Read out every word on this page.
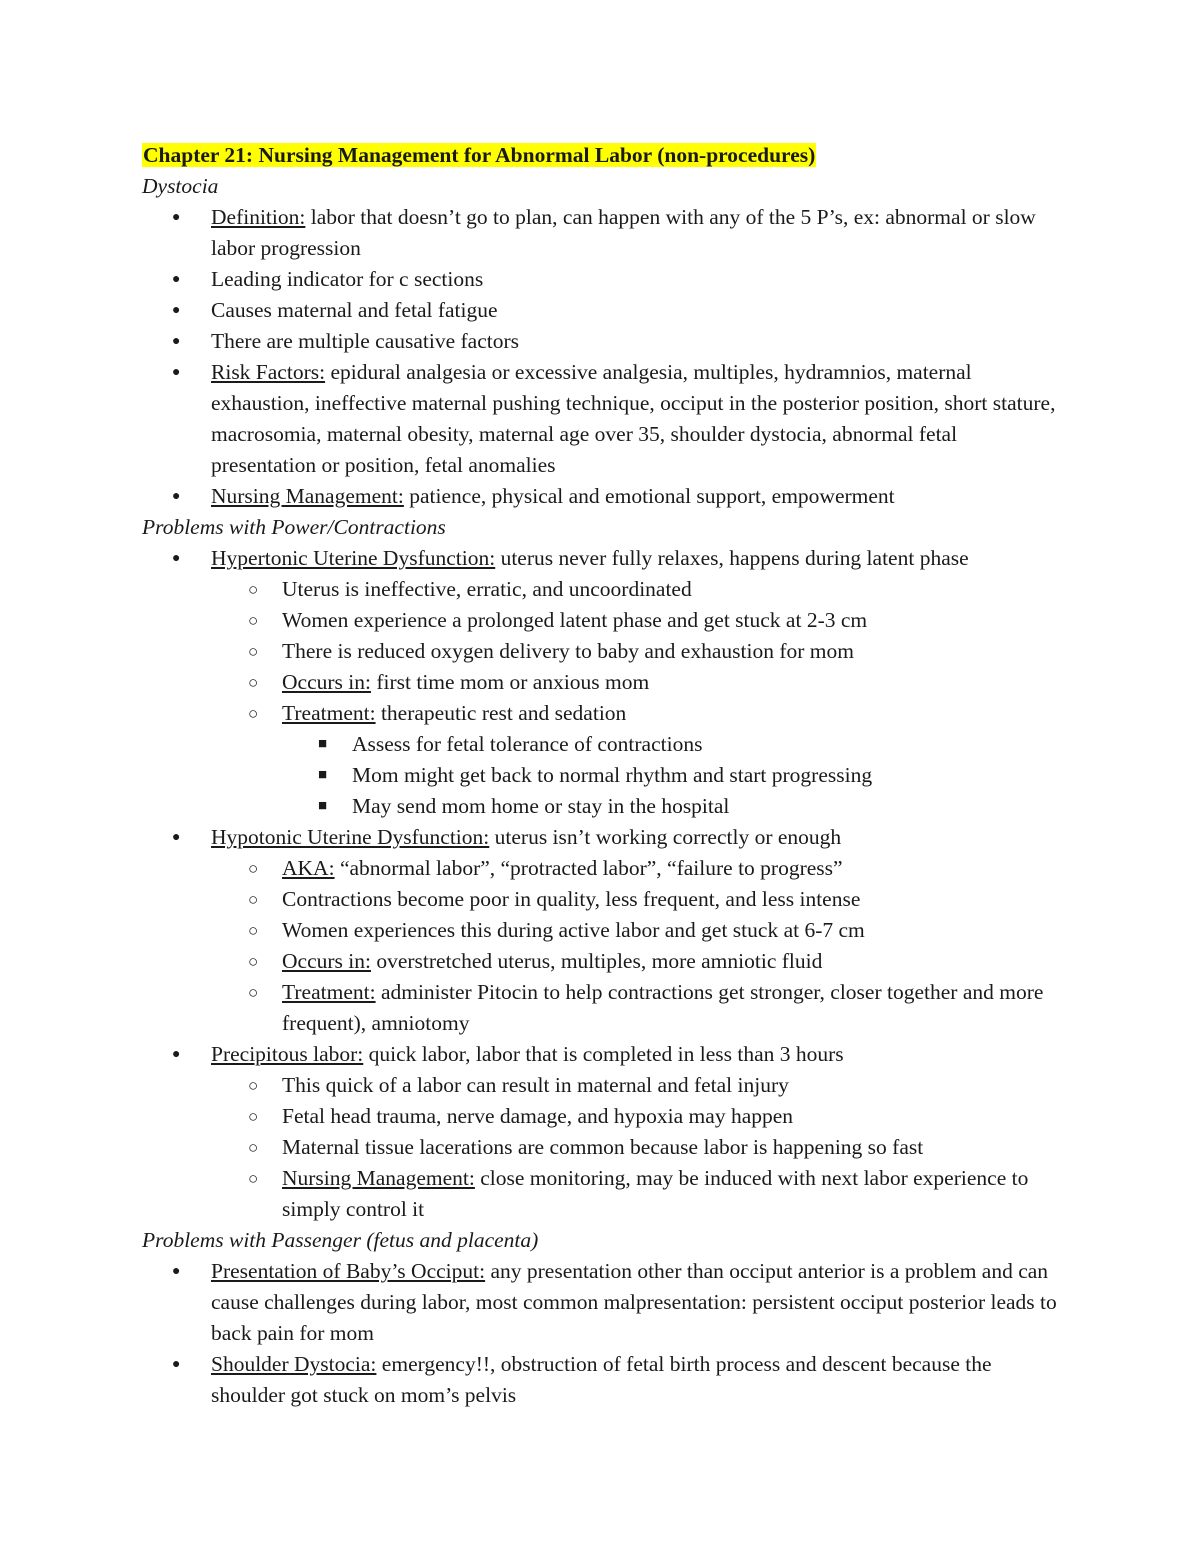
Chapter 21: Nursing Management for Abnormal Labor (non-procedures)
Dystocia
● Definition: labor that doesn’t go to plan, can happen with any of the 5 P’s, ex: abnormal or slow labor progression
● Leading indicator for c sections
● Causes maternal and fetal fatigue
● There are multiple causative factors
● Risk Factors: epidural analgesia or excessive analgesia, multiples, hydramnios, maternal exhaustion, ineffective maternal pushing technique, occiput in the posterior position, short stature, macrosomia, maternal obesity, maternal age over 35, shoulder dystocia, abnormal fetal presentation or position, fetal anomalies
● Nursing Management: patience, physical and emotional support, empowerment
Problems with Power/Contractions
● Hypertonic Uterine Dysfunction: uterus never fully relaxes, happens during latent phase
○ Uterus is ineffective, erratic, and uncoordinated
○ Women experience a prolonged latent phase and get stuck at 2-3 cm
○ There is reduced oxygen delivery to baby and exhaustion for mom
○ Occurs in: first time mom or anxious mom
○ Treatment: therapeutic rest and sedation
■ Assess for fetal tolerance of contractions
■ Mom might get back to normal rhythm and start progressing
■ May send mom home or stay in the hospital
● Hypotonic Uterine Dysfunction: uterus isn’t working correctly or enough
○ AKA: “abnormal labor”, “protracted labor”, “failure to progress”
○ Contractions become poor in quality, less frequent, and less intense
○ Women experiences this during active labor and get stuck at 6-7 cm
○ Occurs in: overstretched uterus, multiples, more amniotic fluid
○ Treatment: administer Pitocin to help contractions get stronger, closer together and more frequent), amniotomy
● Precipitous labor: quick labor, labor that is completed in less than 3 hours
○ This quick of a labor can result in maternal and fetal injury
○ Fetal head trauma, nerve damage, and hypoxia may happen
○ Maternal tissue lacerations are common because labor is happening so fast
○ Nursing Management: close monitoring, may be induced with next labor experience to simply control it
Problems with Passenger (fetus and placenta)
● Presentation of Baby’s Occiput: any presentation other than occiput anterior is a problem and can cause challenges during labor, most common malpresentation: persistent occiput posterior leads to back pain for mom
● Shoulder Dystocia: emergency!!, obstruction of fetal birth process and descent because the shoulder got stuck on mom’s pelvis
